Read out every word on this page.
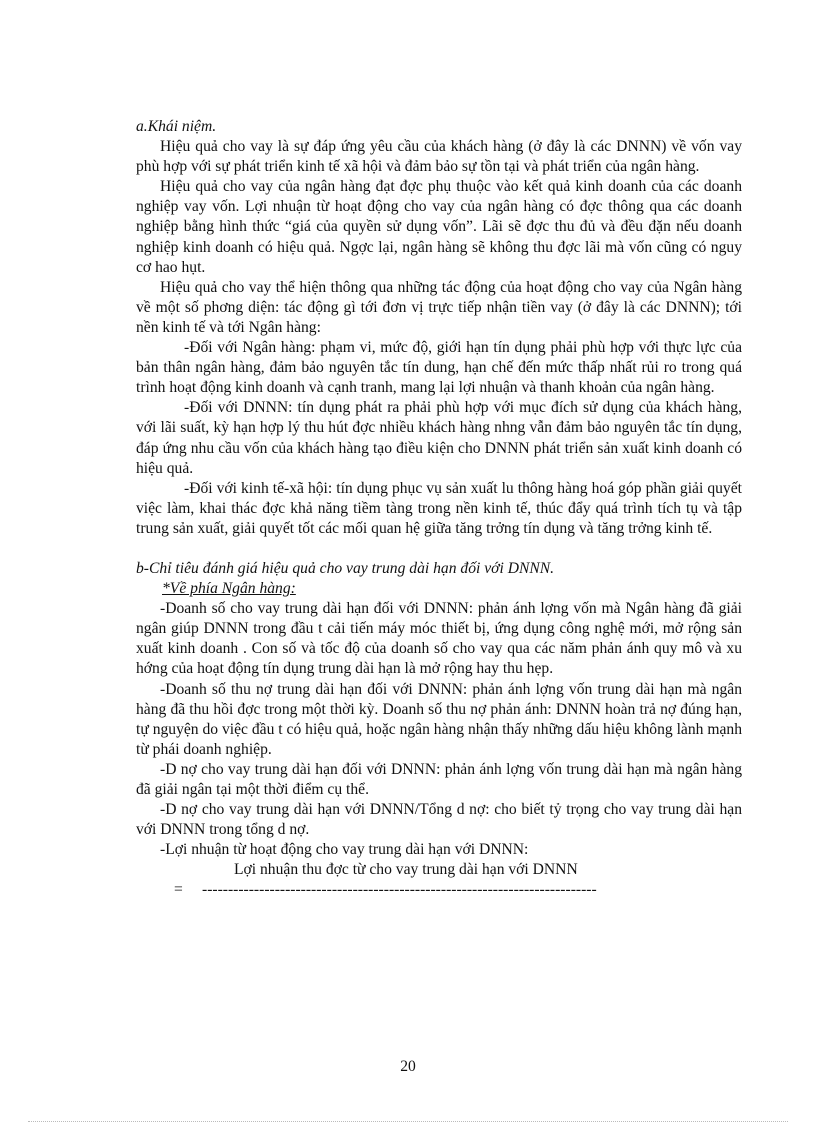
a.Khái niệm.

Hiệu quả cho vay là sự đáp ứng yêu cầu của khách hàng (ở đây là các DNNN) về vốn vay phù hợp với sự phát triển kinh tế xã hội và đảm bảo sự tồn tại và phát triển của ngân hàng.

Hiệu quả cho vay của ngân hàng đạt đợc phụ thuộc vào kết quả kinh doanh của các doanh nghiệp vay vốn. Lợi nhuận từ hoạt động cho vay của ngân hàng có đợc thông qua các doanh nghiệp bằng hình thức “giá của quyền sử dụng vốn”. Lãi sẽ đợc thu đủ và đều đặn nếu doanh nghiệp kinh doanh có hiệu quả. Ngợc lại, ngân hàng sẽ không thu đợc lãi mà vốn cũng có nguy cơ hao hụt.

Hiệu quả cho vay thể hiện thông qua những tác động của hoạt động cho vay của Ngân hàng về một số phơng diện: tác động gì tới đơn vị trực tiếp nhận tiền vay (ở đây là các DNNN); tới nền kinh tế và tới Ngân hàng:

-Đối với Ngân hàng: phạm vi, mức độ, giới hạn tín dụng phải phù hợp với thực lực của bản thân ngân hàng, đảm bảo nguyên tắc tín dung, hạn chế đến mức thấp nhất rủi ro trong quá trình hoạt động kinh doanh và cạnh tranh, mang lại lợi nhuận và thanh khoản của ngân hàng.

-Đối với DNNN: tín dụng phát ra phải phù hợp với mục đích sử dụng của khách hàng, với lãi suất, kỳ hạn hợp lý thu hút đợc nhiều khách hàng nhng vẫn đảm bảo nguyên tắc tín dụng, đáp ứng nhu cầu vốn của khách hàng tạo điều kiện cho DNNN phát triển sản xuất kinh doanh có hiệu quả.

-Đối với kinh tế-xã hội: tín dụng phục vụ sản xuất lu thông hàng hoá góp phần giải quyết việc làm, khai thác đợc khả năng tiềm tàng trong nền kinh tế, thúc đẩy quá trình tích tụ và tập trung sản xuất, giải quyết tốt các mối quan hệ giữa tăng trởng tín dụng và tăng trởng kinh tế.

b-Chỉ tiêu đánh giá hiệu quả cho vay trung dài hạn đối với DNNN.

*Về phía Ngân hàng:

-Doanh số cho vay trung dài hạn đối với DNNN: phản ánh lợng vốn mà Ngân hàng đã giải ngân giúp DNNN trong đầu t cải tiến máy móc thiết bị, ứng dụng công nghệ mới, mở rộng sản xuất kinh doanh . Con số và tốc độ của doanh số cho vay qua các năm phản ánh quy mô và xu hớng của hoạt động tín dụng trung dài hạn là mở rộng hay thu hẹp.

-Doanh số thu nợ trung dài hạn đối với DNNN: phản ánh lợng vốn trung dài hạn mà ngân hàng đã thu hồi đợc trong một thời kỳ. Doanh số thu nợ phản ánh: DNNN hoàn trả nợ đúng hạn, tự nguyện do việc đầu t có hiệu quả, hoặc ngân hàng nhận thấy những dấu hiệu không lành mạnh từ phái doanh nghiệp.

-D nợ cho vay trung dài hạn đối với DNNN: phản ánh lợng vốn trung dài hạn mà ngân hàng đã giải ngân tại một thời điểm cụ thể.

-D nợ cho vay trung dài hạn với DNNN/Tổng d nợ: cho biết tỷ trọng cho vay trung dài hạn với DNNN trong tổng d nợ.

-Lợi nhuận từ hoạt động cho vay trung dài hạn với DNNN:

Lợi nhuận thu đợc từ cho vay trung dài hạn với DNNN

= ----------------------------------------------------------------------------

20
